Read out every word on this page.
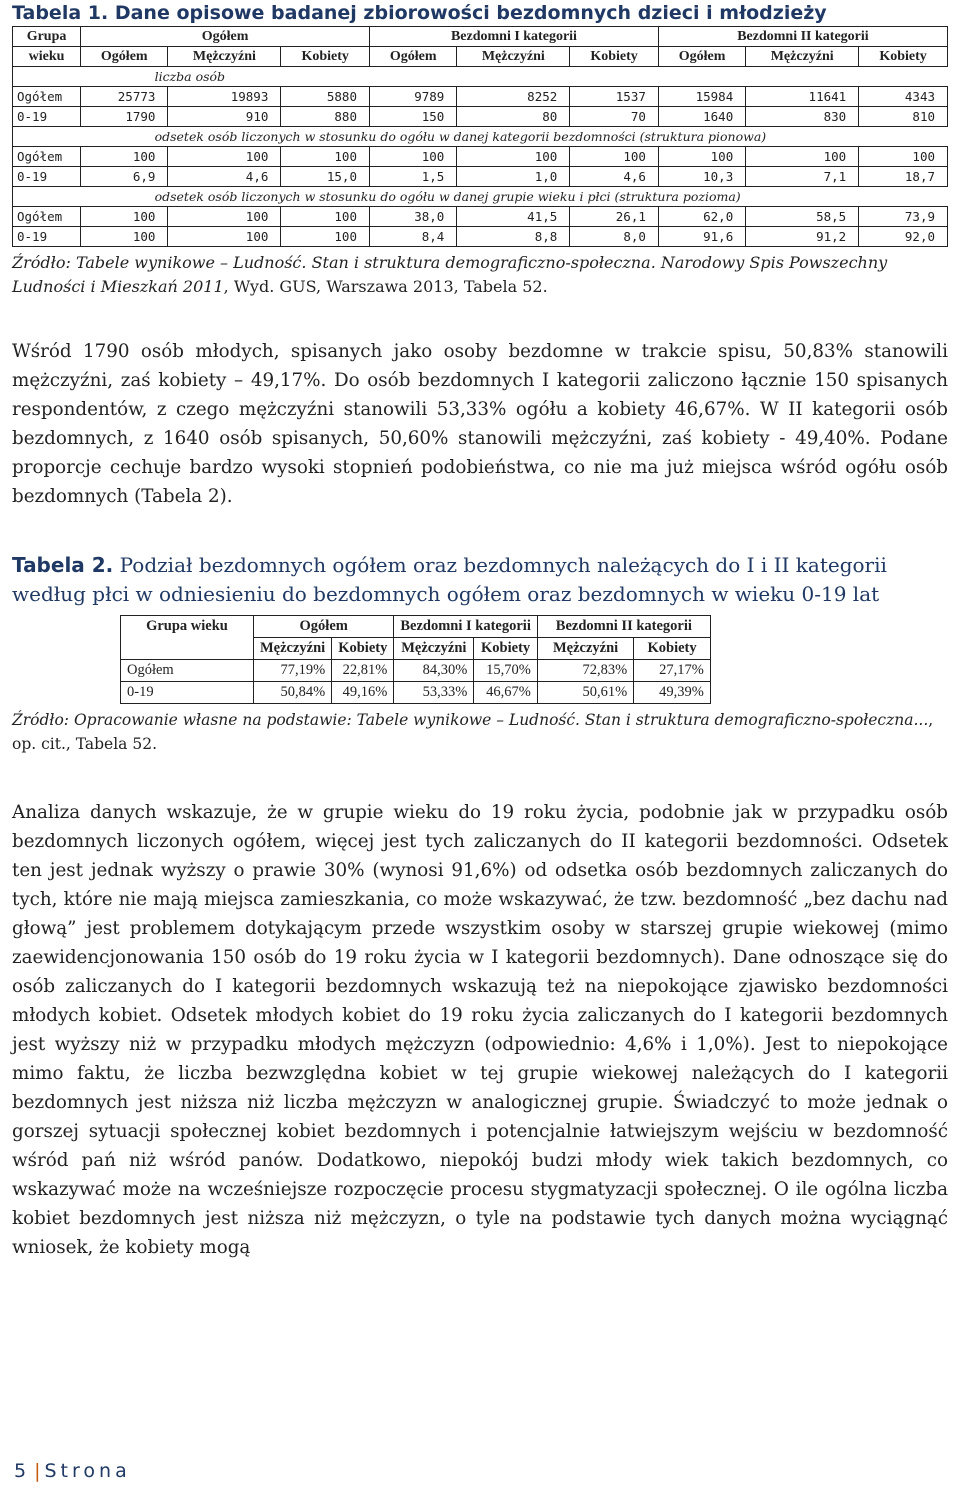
Tabela 1. Dane opisowe badanej zbiorowości bezdomnych dzieci i młodzieży
Grupa	Ogółem			Bezdomni I kategorii			Bezdomni II kategorii		
wieku	Ogółem	Mężczyźni	Kobiety	Ogółem	Mężczyźni	Kobiety	Ogółem	Mężczyźni	Kobiety
	liczba osób								
Ogółem	25773	19893	5880	9789	8252	1537	15984	11641	4343
0-19	1790	910	880	150	80	70	1640	830	810
	odsetek osób liczonych w stosunku do ogółu w danej kategorii bezdomności (struktura pionowa)								
Ogółem	100	100	100	100	100	100	100	100	100
0-19	6,9	4,6	15,0	1,5	1,0	4,6	10,3	7,1	18,7
	odsetek osób liczonych w stosunku do ogółu w danej grupie wieku i płci (struktura pozioma)								
Ogółem	100	100	100	38,0	41,5	26,1	62,0	58,5	73,9
0-19	100	100	100	8,4	8,8	8,0	91,6	91,2	92,0

Źródło: Tabele wynikowe – Ludność. Stan i struktura demograficzno-społeczna. Narodowy Spis Powszechny Ludności i Mieszkań 2011, Wyd. GUS, Warszawa 2013, Tabela 52.

Wśród 1790 osób młodych, spisanych jako osoby bezdomne w trakcie spisu, 50,83% stanowili mężczyźni, zaś kobiety – 49,17%. Do osób bezdomnych I kategorii zaliczono łącznie 150 spisanych respondentów, z czego mężczyźni stanowili 53,33% ogółu a kobiety 46,67%. W II kategorii osób bezdomnych, z 1640 osób spisanych, 50,60% stanowili mężczyźni, zaś kobiety - 49,40%. Podane proporcje cechuje bardzo wysoki stopnień podobieństwa, co nie ma już miejsca wśród ogółu osób bezdomnych (Tabela 2).

Tabela 2. Podział bezdomnych ogółem oraz bezdomnych należących do I i II kategorii według płci w odniesieniu do bezdomnych ogółem oraz bezdomnych w wieku 0-19 lat

Grupa wieku	Ogółem		Bezdomni I kategorii		Bezdomni II kategorii	
	Mężczyźni	Kobiety	Mężczyźni	Kobiety	Mężczyźni	Kobiety
Ogółem	77,19%	22,81%	84,30%	15,70%	72,83%	27,17%
0-19	50,84%	49,16%	53,33%	46,67%	50,61%	49,39%

Źródło: Opracowanie własne na podstawie: Tabele wynikowe – Ludność. Stan i struktura demograficzno-społeczna..., op. cit., Tabela 52.

Analiza danych wskazuje, że w grupie wieku do 19 roku życia, podobnie jak w przypadku osób bezdomnych liczonych ogółem, więcej jest tych zaliczanych do II kategorii bezdomności. Odsetek ten jest jednak wyższy o prawie 30% (wynosi 91,6%) od odsetka osób bezdomnych zaliczanych do tych, które nie mają miejsca zamieszkania, co może wskazywać, że tzw. bezdomność „bez dachu nad głową” jest problemem dotykającym przede wszystkim osoby w starszej grupie wiekowej (mimo zaewidencjonowania 150 osób do 19 roku życia w I kategorii bezdomnych). Dane odnoszące się do osób zaliczanych do I kategorii bezdomnych wskazują też na niepokojące zjawisko bezdomności młodych kobiet. Odsetek młodych kobiet do 19 roku życia zaliczanych do I kategorii bezdomnych jest wyższy niż w przypadku młodych mężczyzn (odpowiednio: 4,6% i 1,0%). Jest to niepokojące mimo faktu, że liczba bezwzględna kobiet w tej grupie wiekowej należących do I kategorii bezdomnych jest niższa niż liczba mężczyzn w analogicznej grupie. Świadczyć to może jednak o gorszej sytuacji społecznej kobiet bezdomnych i potencjalnie łatwiejszym wejściu w bezdomność wśród pań niż wśród panów. Dodatkowo, niepokój budzi młody wiek takich bezdomnych, co wskazywać może na wcześniejsze rozpoczęcie procesu stygmatyzacji społecznej. O ile ogólna liczba kobiet bezdomnych jest niższa niż mężczyzn, o tyle na podstawie tych danych można wyciągnąć wniosek, że kobiety mogą

5 | Strona
